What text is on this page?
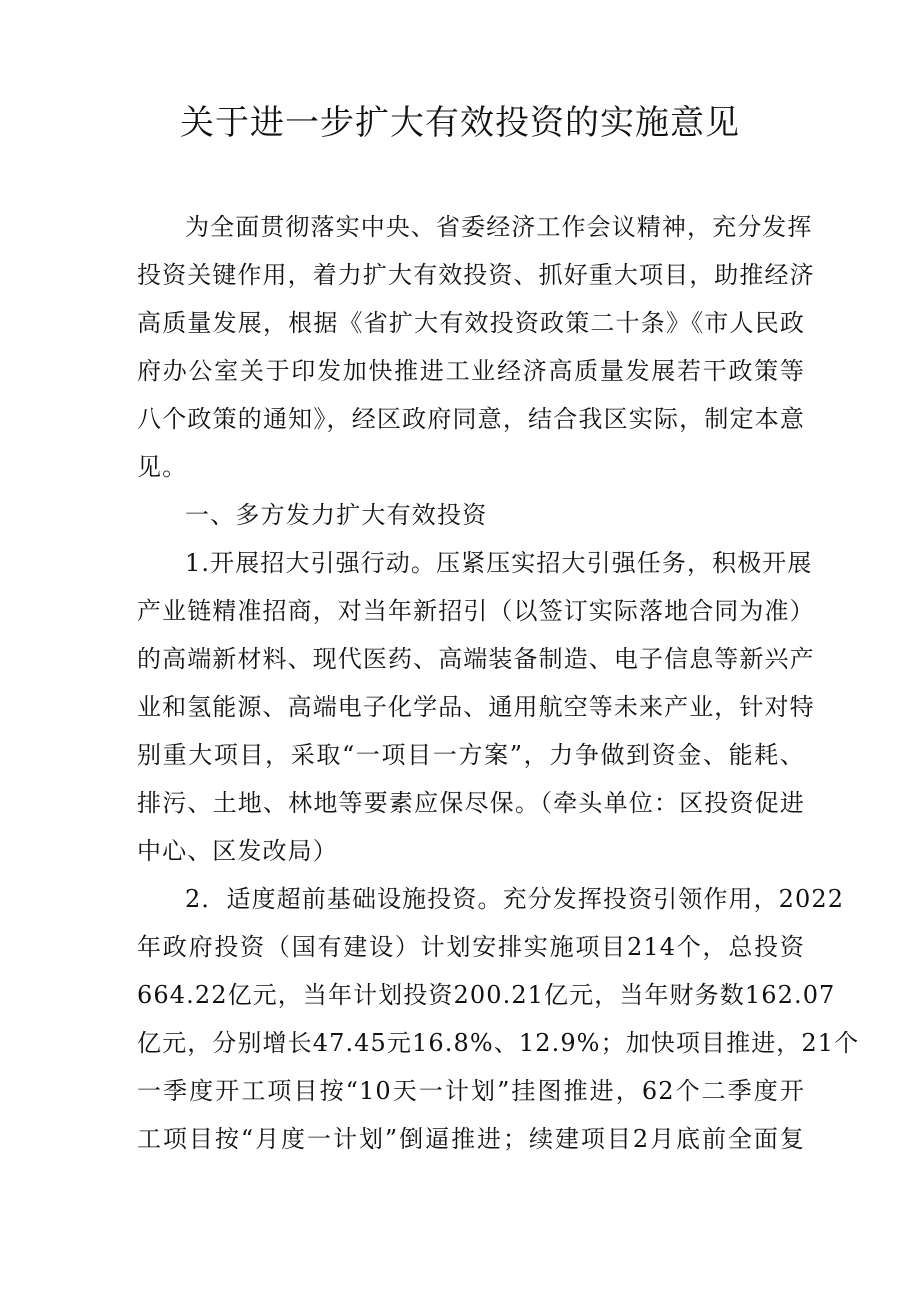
关于进一步扩大有效投资的实施意见
为全面贯彻落实中央、省委经济工作会议精神，充分发挥
投资关键作用，着力扩大有效投资、抓好重大项目，助推经济
高质量发展，根据《省扩大有效投资政策二十条》《市人民政
府办公室关于印发加快推进工业经济高质量发展若干政策等
八个政策的通知》，经区政府同意，结合我区实际，制定本意
见。
一、多方发力扩大有效投资
1.开展招大引强行动。压紧压实招大引强任务，积极开展
产业链精准招商，对当年新招引（以签订实际落地合同为准）
的高端新材料、现代医药、高端装备制造、电子信息等新兴产
业和氢能源、高端电子化学品、通用航空等未来产业，针对特
别重大项目，采取“一项目一方案”，力争做到资金、能耗、
排污、土地、林地等要素应保尽保。（牵头单位：区投资促进
中心、区发改局）
2．适度超前基础设施投资。充分发挥投资引领作用，2022
年政府投资（国有建设）计划安排实施项目214个，总投资
664.22亿元，当年计划投资200.21亿元，当年财务数162.07
亿元，分别增长47.45元16.8%、12.9%；加快项目推进，21个
一季度开工项目按“10天一计划”挂图推进，62个二季度开
工项目按“月度一计划”倒逼推进；续建项目2月底前全面复
